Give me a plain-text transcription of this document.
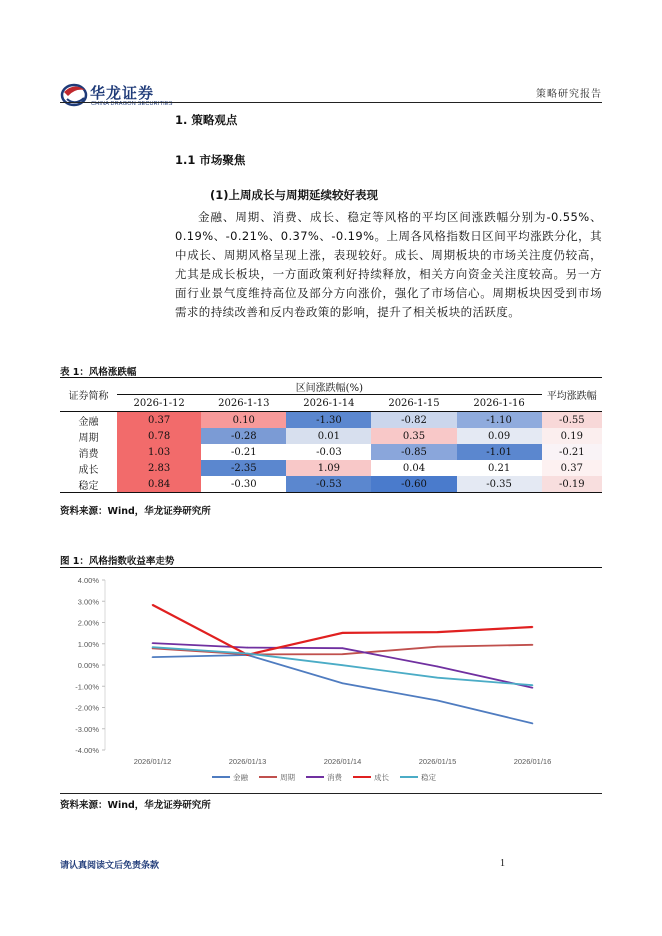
华龙证券
CHINA DRAGON SECURITIES
策略研究报告
1. 策略观点
1.1 市场聚焦
(1)上周成长与周期延续较好表现
金融、周期、消费、成长、稳定等风格的平均区间涨跌幅分别为-0.55%、0.19%、-0.21%、0.37%、-0.19%。上周各风格指数日区间平均涨跌分化，其中成长、周期风格呈现上涨，表现较好。成长、周期板块的市场关注度仍较高，尤其是成长板块，一方面政策利好持续释放，相关方向资金关注度较高。另一方面行业景气度维持高位及部分方向涨价，强化了市场信心。周期板块因受到市场需求的持续改善和反内卷政策的影响，提升了相关板块的活跃度。
表 1：风格涨跌幅
证券简称	区间涨跌幅(%)					平均涨跌幅
	2026-1-12	2026-1-13	2026-1-14	2026-1-15	2026-1-16	
金融	0.37	0.10	-1.30	-0.82	-1.10	-0.55
周期	0.78	-0.28	0.01	0.35	0.09	0.19
消费	1.03	-0.21	-0.03	-0.85	-1.01	-0.21
成长	2.83	-2.35	1.09	0.04	0.21	0.37
稳定	0.84	-0.30	-0.53	-0.60	-0.35	-0.19
资料来源：Wind，华龙证券研究所
图 1：风格指数收益率走势
4.00%
3.00%
2.00%
1.00%
0.00%
-1.00%
-2.00%
-3.00%
-4.00%
2026/01/12	2026/01/13	2026/01/14	2026/01/15	2026/01/16
金融	周期	消费	成长	稳定
资料来源：Wind，华龙证券研究所
请认真阅读文后免责条款	1
